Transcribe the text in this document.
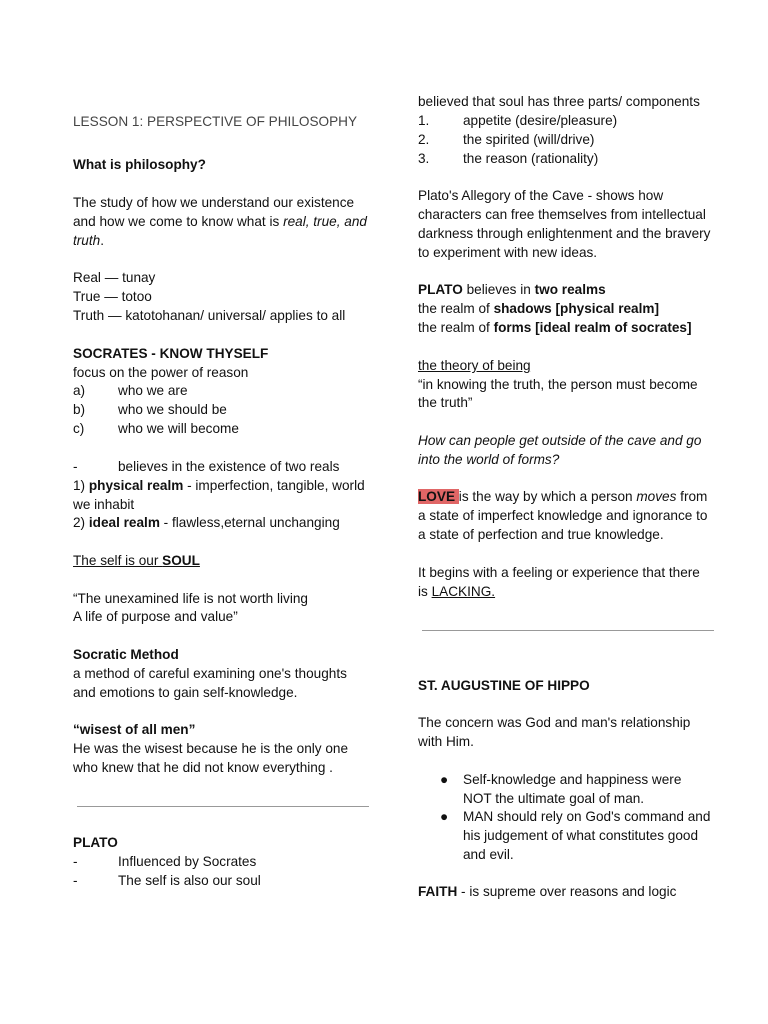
LESSON 1: PERSPECTIVE OF PHILOSOPHY
What is philosophy?
The study of how we understand our existence
and how we come to know what is real, true, and
truth.
Real — tunay
True — totoo
Truth — katotohanan/ universal/ applies to all
SOCRATES - KNOW THYSELF
focus on the power of reason
a) who we are
b) who we should be
c) who we will become
-	believes in the existence of two reals
1) physical realm - imperfection, tangible, world
we inhabit
2) ideal realm - flawless,eternal unchanging
The self is our SOUL
“The unexamined life is not worth living
A life of purpose and value”
Socratic Method
a method of careful examining one's thoughts
and emotions to gain self-knowledge.
“wisest of all men”
He was the wisest because he is the only one
who knew that he did not know everything .
PLATO
-	Influenced by Socrates
-	The self is also our soul
believed that soul has three parts/ components
1. appetite (desire/pleasure)
2. the spirited (will/drive)
3. the reason (rationality)
Plato's Allegory of the Cave - shows how
characters can free themselves from intellectual
darkness through enlightenment and the bravery
to experiment with new ideas.
PLATO believes in two realms
the realm of shadows [physical realm]
the realm of forms [ideal realm of socrates]
the theory of being
“in knowing the truth, the person must become
the truth”
How can people get outside of the cave and go
into the world of forms?
LOVE is the way by which a person moves from
a state of imperfect knowledge and ignorance to
a state of perfection and true knowledge.
It begins with a feeling or experience that there
is LACKING.
ST. AUGUSTINE OF HIPPO
The concern was God and man's relationship
with Him.
● Self-knowledge and happiness were
NOT the ultimate goal of man.
● MAN should rely on God's command and
his judgement of what constitutes good
and evil.
FAITH - is supreme over reasons and logic
